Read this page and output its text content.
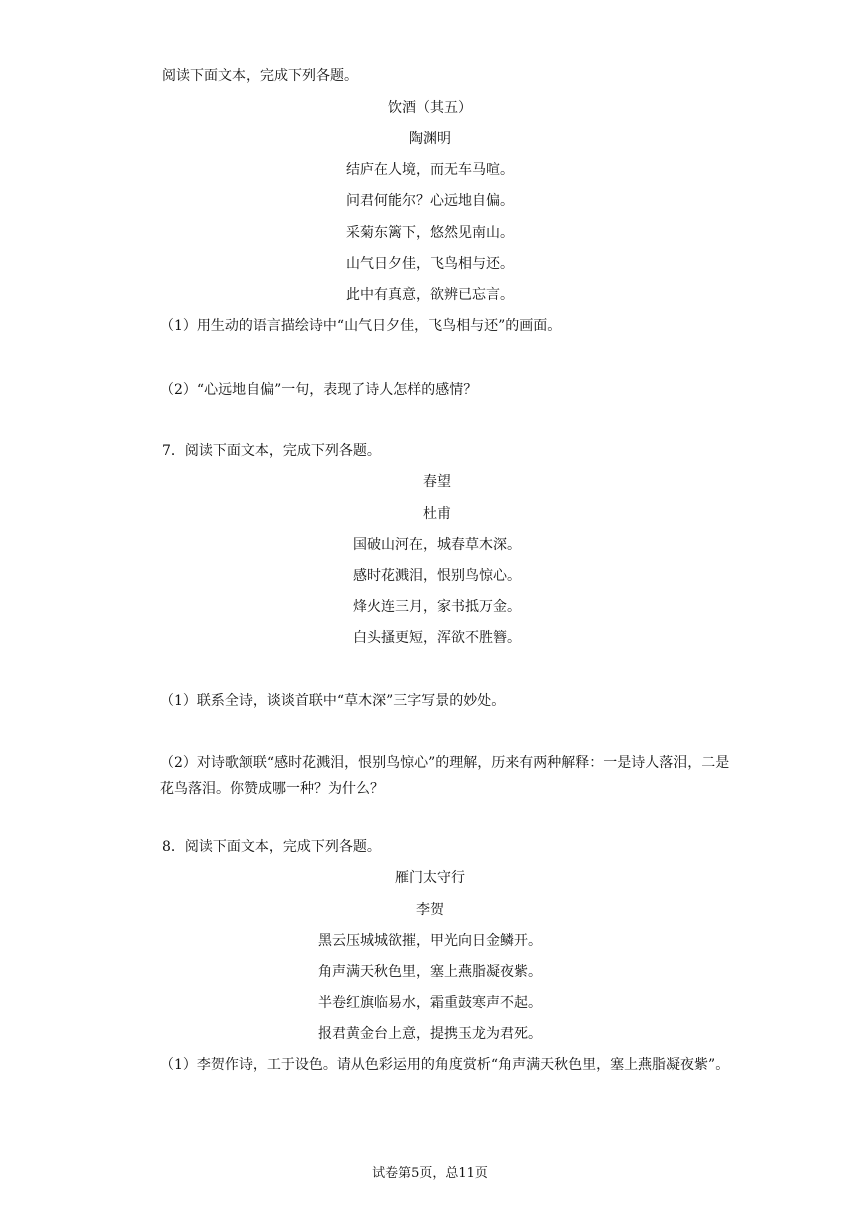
阅读下面文本，完成下列各题。
饮酒（其五）
陶渊明
结庐在人境，而无车马喧。
问君何能尔？心远地自偏。
采菊东篱下，悠然见南山。
山气日夕佳，飞鸟相与还。
此中有真意，欲辨已忘言。
（1）用生动的语言描绘诗中“山气日夕佳，飞鸟相与还”的画面。
（2）“心远地自偏”一句，表现了诗人怎样的感情？
7．阅读下面文本，完成下列各题。
春望
杜甫
国破山河在，城春草木深。
感时花溅泪，恨别鸟惊心。
烽火连三月，家书抵万金。
白头搔更短，浑欲不胜簪。
（1）联系全诗，谈谈首联中“草木深”三字写景的妙处。
（2）对诗歌颔联“感时花溅泪，恨别鸟惊心”的理解，历来有两种解释：一是诗人落泪，二是花鸟落泪。你赞成哪一种？为什么？
8．阅读下面文本，完成下列各题。
雁门太守行
李贺
黑云压城城欲摧，甲光向日金鳞开。
角声满天秋色里，塞上燕脂凝夜紫。
半卷红旗临易水，霜重鼓寒声不起。
报君黄金台上意，提携玉龙为君死。
（1）李贺作诗，工于设色。请从色彩运用的角度赏析“角声满天秋色里，塞上燕脂凝夜紫”。
试卷第5页，总11页
